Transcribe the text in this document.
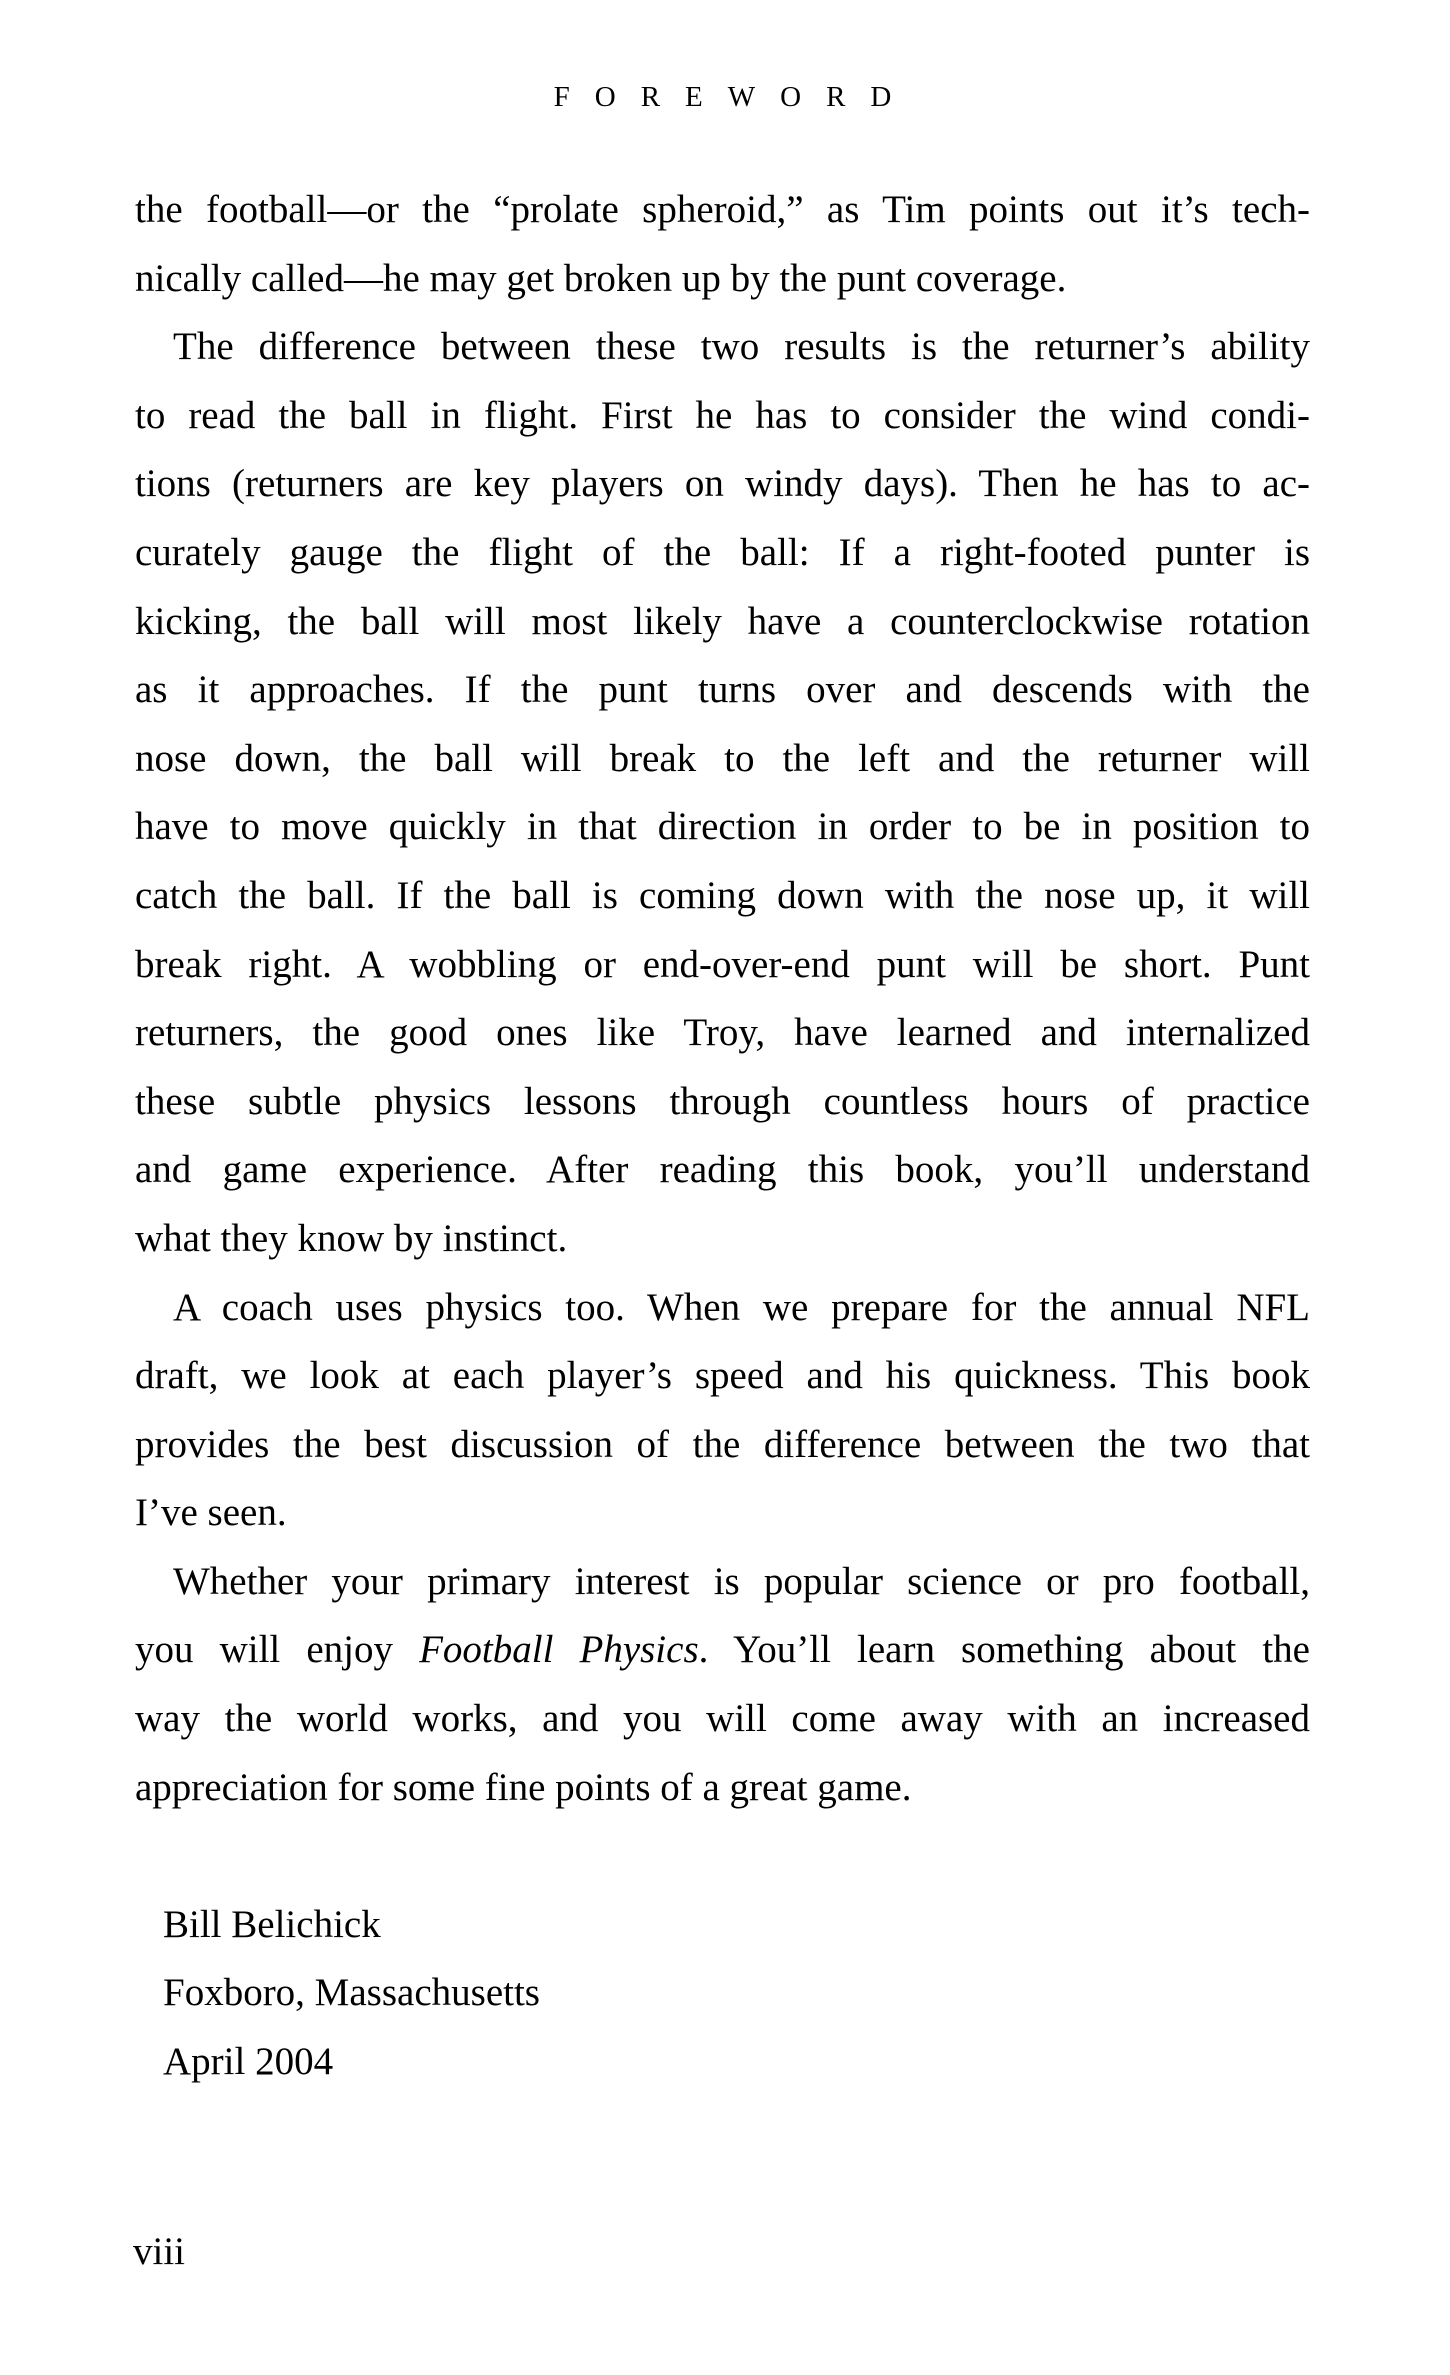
FOREWORD
the football—or the “prolate spheroid,” as Tim points out it’s tech-
nically called—he may get broken up by the punt coverage.
The difference between these two results is the returner’s ability
to read the ball in flight. First he has to consider the wind condi-
tions (returners are key players on windy days). Then he has to ac-
curately gauge the flight of the ball: If a right-footed punter is
kicking, the ball will most likely have a counterclockwise rotation
as it approaches. If the punt turns over and descends with the
nose down, the ball will break to the left and the returner will
have to move quickly in that direction in order to be in position to
catch the ball. If the ball is coming down with the nose up, it will
break right. A wobbling or end-over-end punt will be short. Punt
returners, the good ones like Troy, have learned and internalized
these subtle physics lessons through countless hours of practice
and game experience. After reading this book, you’ll understand
what they know by instinct.
A coach uses physics too. When we prepare for the annual NFL
draft, we look at each player’s speed and his quickness. This book
provides the best discussion of the difference between the two that
I’ve seen.
Whether your primary interest is popular science or pro football,
you will enjoy Football Physics. You’ll learn something about the
way the world works, and you will come away with an increased
appreciation for some fine points of a great game.
Bill Belichick
Foxboro, Massachusetts
April 2004
viii
